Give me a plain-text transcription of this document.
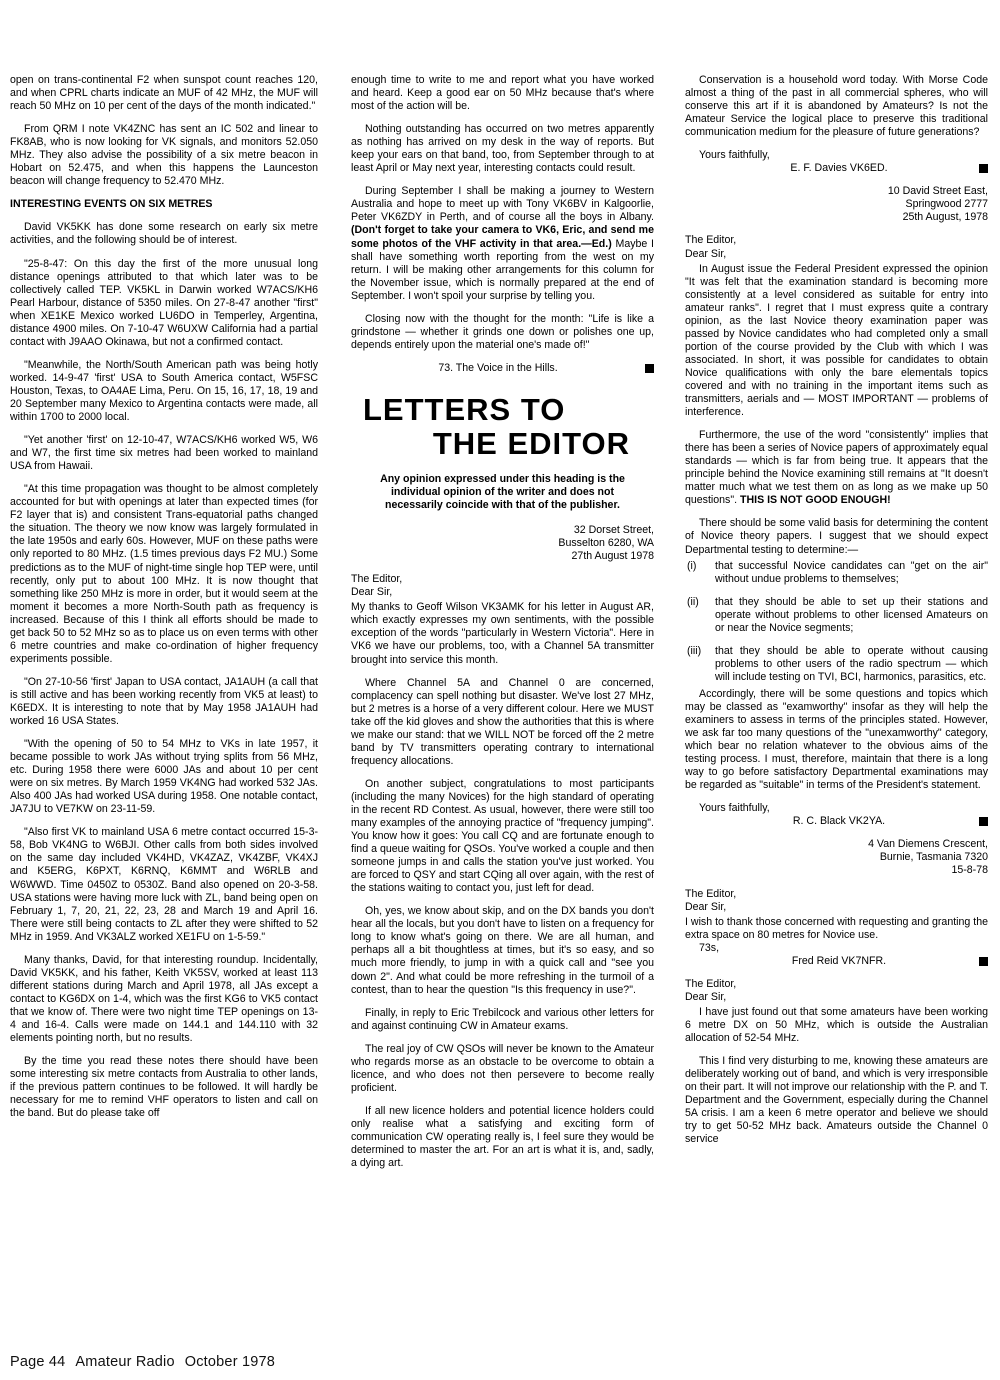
open on trans-continental F2 when sunspot count reaches 120, and when CPRL charts indicate an MUF of 42 MHz, the MUF will reach 50 MHz on 10 per cent of the days of the month indicated."

From QRM I note VK4ZNC has sent an IC 502 and linear to FK8AB, who is now looking for VK signals, and monitors 52.050 MHz. They also advise the possibility of a six metre beacon in Hobart on 52.475, and when this happens the Launceston beacon will change frequency to 52.470 MHz.

INTERESTING EVENTS ON SIX METRES

David VK5KK has done some research on early six metre activities, and the following should be of interest.

"25-8-47: On this day the first of the more unusual long distance openings attributed to that which later was to be collectively called TEP. VK5KL in Darwin worked W7ACS/KH6 Pearl Harbour, distance of 5350 miles. On 27-8-47 another "first" when XE1KE Mexico worked LU6DO in Temperley, Argentina, distance 4900 miles. On 7-10-47 W6UXW California had a partial contact with J9AAO Okinawa, but not a confirmed contact.

"Meanwhile, the North/South American path was being hotly worked. 14-9-47 'first' USA to South America contact, W5FSC Houston, Texas, to OA4AE Lima, Peru. On 15, 16, 17, 18, 19 and 20 September many Mexico to Argentina contacts were made, all within 1700 to 2000 local.

"Yet another 'first' on 12-10-47, W7ACS/KH6 worked W5, W6 and W7, the first time six metres had been worked to mainland USA from Hawaii.

"At this time propagation was thought to be almost completely accounted for but with openings at later than expected times (for F2 layer that is) and consistent Trans-equatorial paths changed the situation. The theory we now know was largely formulated in the late 1950s and early 60s. However, MUF on these paths were only reported to 80 MHz. (1.5 times previous days F2 MU.) Some predictions as to the MUF of night-time single hop TEP were, until recently, only put to about 100 MHz. It is now thought that something like 250 MHz is more in order, but it would seem at the moment it becomes a more North-South path as frequency is increased. Because of this I think all efforts should be made to get back 50 to 52 MHz so as to place us on even terms with other 6 metre countries and make co-ordination of higher frequency experiments possible.

"On 27-10-56 'first' Japan to USA contact, JA1AUH (a call that is still active and has been working recently from VK5 at least) to K6EDX. It is interesting to note that by May 1958 JA1AUH had worked 16 USA States.

"With the opening of 50 to 54 MHz to VKs in late 1957, it became possible to work JAs without trying splits from 56 MHz, etc. During 1958 there were 6000 JAs and about 10 per cent were on six metres. By March 1959 VK4NG had worked 532 JAs. Also 400 JAs had worked USA during 1958. One notable contact, JA7JU to VE7KW on 23-11-59.

"Also first VK to mainland USA 6 metre contact occurred 15-3-58, Bob VK4NG to W6BJI. Other calls from both sides involved on the same day included VK4HD, VK4ZAZ, VK4ZBF, VK4XJ and K5ERG, K6PXT, K6RNQ, K6MMT and W6RLB and W6WWD. Time 0450Z to 0530Z. Band also opened on 20-3-58. USA stations were having more luck with ZL, band being open on February 1, 7, 20, 21, 22, 23, 28 and March 19 and April 16. There were still being contacts to ZL after they were shifted to 52 MHz in 1959. And VK3ALZ worked XE1FU on 1-5-59."

Many thanks, David, for that interesting roundup. Incidentally, David VK5KK, and his father, Keith VK5SV, worked at least 113 different stations during March and April 1978, all JAs except a contact to KG6DX on 1-4, which was the first KG6 to VK5 contact that we know of. There were two night time TEP openings on 13-4 and 16-4. Calls were made on 144.1 and 144.110 with 32 elements pointing north, but no results.

By the time you read these notes there should have been some interesting six metre contacts from Australia to other lands, if the previous pattern continues to be followed. It will hardly be necessary for me to remind VHF operators to listen and call on the band. But do please take off

enough time to write to me and report what you have worked and heard. Keep a good ear on 50 MHz because that's where most of the action will be.

Nothing outstanding has occurred on two metres apparently as nothing has arrived on my desk in the way of reports. But keep your ears on that band, too, from September through to at least April or May next year, interesting contacts could result.

During September I shall be making a journey to Western Australia and hope to meet up with Tony VK6BV in Kalgoorlie, Peter VK6ZDY in Perth, and of course all the boys in Albany. (Don't forget to take your camera to VK6, Eric, and send me some photos of the VHF activity in that area.—Ed.) Maybe I shall have something worth reporting from the west on my return. I will be making other arrangements for this column for the November issue, which is normally prepared at the end of September. I won't spoil your surprise by telling you.

Closing now with the thought for the month: "Life is like a grindstone — whether it grinds one down or polishes one up, depends entirely upon the material one's made of!"

73. The Voice in the Hills.

LETTERS TO
THE EDITOR
Any opinion expressed under this heading is the individual opinion of the writer and does not necessarily coincide with that of the publisher.

32 Dorset Street,

Busselton 6280, WA

27th August 1978

The Editor,

Dear Sir,

My thanks to Geoff Wilson VK3AMK for his letter in August AR, which exactly expresses my own sentiments, with the possible exception of the words "particularly in Western Victoria". Here in VK6 we have our problems, too, with a Channel 5A transmitter brought into service this month.

Where Channel 5A and Channel 0 are concerned, complacency can spell nothing but disaster. We've lost 27 MHz, but 2 metres is a horse of a very different colour. Here we MUST take off the kid gloves and show the authorities that this is where we make our stand: that we WILL NOT be forced off the 2 metre band by TV transmitters operating contrary to international frequency allocations.

On another subject, congratulations to most participants (including the many Novices) for the high standard of operating in the recent RD Contest. As usual, however, there were still too many examples of the annoying practice of "frequency jumping". You know how it goes: You call CQ and are fortunate enough to find a queue waiting for QSOs. You've worked a couple and then someone jumps in and calls the station you've just worked. You are forced to QSY and start CQing all over again, with the rest of the stations waiting to contact you, just left for dead.

Oh, yes, we know about skip, and on the DX bands you don't hear all the locals, but you don't have to listen on a frequency for long to know what's going on there. We are all human, and perhaps all a bit thoughtless at times, but it's so easy, and so much more friendly, to jump in with a quick call and "see you down 2". And what could be more refreshing in the turmoil of a contest, than to hear the question "Is this frequency in use?".

Finally, in reply to Eric Trebilcock and various other letters for and against continuing CW in Amateur exams.

The real joy of CW QSOs will never be known to the Amateur who regards morse as an obstacle to be overcome to obtain a licence, and who does not then persevere to become really proficient.

If all new licence holders and potential licence holders could only realise what a satisfying and exciting form of communication CW operating really is, I feel sure they would be determined to master the art. For an art is what it is, and, sadly, a dying art.

Conservation is a household word today. With Morse Code almost a thing of the past in all commercial spheres, who will conserve this art if it is abandoned by Amateurs? Is not the Amateur Service the logical place to preserve this traditional communication medium for the pleasure of future generations?

Yours faithfully,

E. F. Davies VK6ED.

10 David Street East,

Springwood 2777

25th August, 1978

The Editor,

Dear Sir,

In August issue the Federal President expressed the opinion "It was felt that the examination standard is becoming more consistently at a level considered as suitable for entry into amateur ranks". I regret that I must express quite a contrary opinion, as the last Novice theory examination paper was passed by Novice candidates who had completed only a small portion of the course provided by the Club with which I was associated. In short, it was possible for candidates to obtain Novice qualifications with only the bare elementals topics covered and with no training in the important items such as transmitters, aerials and — MOST IMPORTANT — problems of interference.

Furthermore, the use of the word "consistently" implies that there has been a series of Novice papers of approximately equal standards — which is far from being true. It appears that the principle behind the Novice examining still remains at "It doesn't matter much what we test them on as long as we make up 50 questions". THIS IS NOT GOOD ENOUGH!

There should be some valid basis for determining the content of Novice theory papers. I suggest that we should expect Departmental testing to determine:—

(i) that successful Novice candidates can "get on the air" without undue problems to themselves;

(ii) that they should be able to set up their stations and operate without problems to other licensed Amateurs on or near the Novice segments;

(iii) that they should be able to operate without causing problems to other users of the radio spectrum — which will include testing on TVI, BCI, harmonics, parasitics, etc.

Accordingly, there will be some questions and topics which may be classed as "examworthy" insofar as they will help the examiners to assess in terms of the principles stated. However, we ask far too many questions of the "unexamworthy" category, which bear no relation whatever to the obvious aims of the testing process. I must, therefore, maintain that there is a long way to go before satisfactory Departmental examinations may be regarded as "suitable" in terms of the President's statement.

Yours faithfully,

R. C. Black VK2YA.

4 Van Diemens Crescent,

Burnie, Tasmania 7320

15-8-78

The Editor,

Dear Sir,

I wish to thank those concerned with requesting and granting the extra space on 80 metres for Novice use.

73s,

Fred Reid VK7NFR.

The Editor,

Dear Sir,

I have just found out that some amateurs have been working 6 metre DX on 50 MHz, which is outside the Australian allocation of 52-54 MHz.

This I find very disturbing to me, knowing these amateurs are deliberately working out of band, and which is very irresponsible on their part. It will not improve our relationship with the P. and T. Department and the Government, especially during the Channel 5A crisis. I am a keen 6 metre operator and believe we should try to get 50-52 MHz back. Amateurs outside the Channel 0 service

Page 44 Amateur Radio October 1978
